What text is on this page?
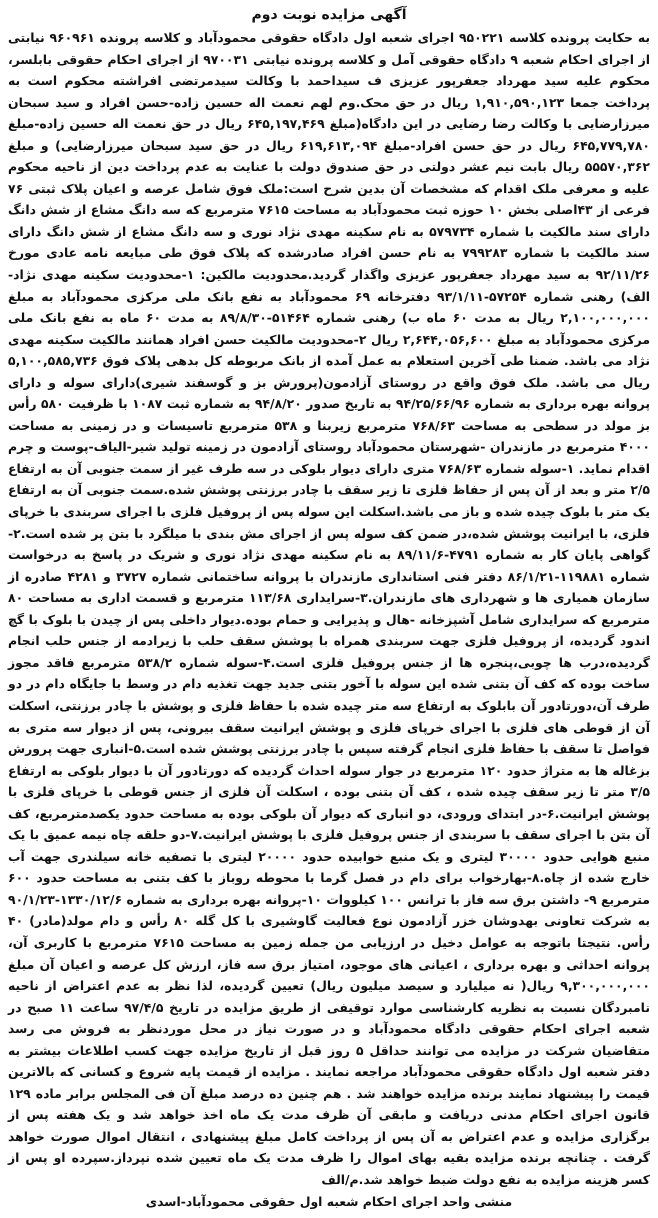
آگهی مزایده نوبت دوم

به حکایت پرونده کلاسه ۹۵۰۲۲۱ اجرای شعبه اول دادگاه حقوقی محمودآباد و کلاسه پرونده ۹۶۰۹۶۱ نیابتی از اجرای احکام شعبه ۹ دادگاه حقوقی آمل و کلاسه پرونده نیابتی ۹۷۰۰۳۱ از اجرای احکام حقوقی بابلسر، محکوم علیه سید مهرداد جعفرپور عزیزی ف سیداحمد با وکالت سیدمرتضی افراشته محکوم است به پرداخت جمعا ۱,۹۱۰,۵۹۰,۱۲۳ ریال در حق محک.وم لهم نعمت اله حسین زاده-حسن افراد و سید سبحان میرزارضایی با وکالت رضا رضایی در این دادگاه(مبلغ ۶۴۵,۱۹۷,۴۶۹ ریال در حق نعمت اله حسین زاده-مبلغ ۶۴۵,۷۷۹,۷۸۰ ریال در حق حسن افراد-مبلغ ۶۱۹,۶۱۳,۰۹۴ ریال در حق سید سبحان میرزارضایی) و مبلغ ۵۵۵۷۰,۳۶۲ ریال بابت نیم عشر دولتی در حق صندوق دولت با عنایت به عدم پرداخت دین از ناحیه محکوم علیه و معرفی ملک اقدام که مشخصات آن بدین شرح است:ملک فوق شامل عرصه و اعیان پلاک ثبتی ۷۶ فرعی از ۴۳اصلی بخش ۱۰ حوزه ثبت محمودآباد به مساحت ۷۶۱۵ مترمربع که سه دانگ مشاع از شش دانگ دارای سند مالکیت با شماره ۵۷۹۷۳۴ به نام سکینه مهدی نژاد نوری و سه دانگ مشاع از شش دانگ دارای سند مالکیت با شماره ۷۹۹۲۸۳ به نام حسن افراد صادرشده که پلاک فوق طی مبایعه نامه عادی مورخ ۹۲/۱۱/۲۶ به سید مهرداد جعفرپور عزیزی واگذار گردید.محدودیت مالکین: ۱-محدودیت سکینه مهدی نژاد- الف) رهنی شماره ۵۷۲۵۴-۹۳/۱/۱۱ دفترخانه ۶۹ محمودآباد به نفع بانک ملی مرکزی محمودآباد به مبلغ ۲,۱۰۰,۰۰۰,۰۰۰ ریال به مدت ۶۰ ماه ب) رهنی شماره ۵۱۴۶۴-۸۹/۸/۳۰ به مدت ۶۰ ماه به نفع بانک ملی مرکزی محمودآباد به مبلغ ۲,۶۴۴,۰۵۶,۶۰۰ ریال ۲-محدودیت مالکیت حسن افراد همانند مالکیت سکینه مهدی نژاد می باشد. ضمنا طی آخرین استعلام به عمل آمده از بانک مربوطه کل بدهی پلاک فوق ۵,۱۰۰,۵۸۵,۷۳۶ ریال می باشد. ملک فوق واقع در روستای آزادمون(پرورش بز و گوسفند شیری)دارای سوله و دارای پروانه بهره برداری به شماره ۹۴/۲۵/۶۶/۹۶ به تاریخ صدور ۹۴/۸/۲۰ به شماره ثبت ۱۰۸۷ با ظرفیت ۵۸۰ رأس بز مولد در سطحی به مساحت ۷۶۸/۶۳ مترمربع زیربنا و ۵۳۸ مترمربع تاسیسات و در زمینی به مساحت ۴۰۰۰ مترمربع در مازندران -شهرستان محمودآباد روستای آزادمون در زمینه تولید شیر-الیاف-پوست و چرم اقدام نماید. ۱-سوله شماره ۷۶۸/۶۳ متری دارای دیوار بلوکی در سه طرف غیر از سمت جنوبی آن به ارتفاع ۲/۵ متر و بعد از آن پس از حفاظ فلزی تا زیر سقف با چادر برزنتی پوشش شده.سمت جنوبی آن به ارتفاع یک متر با بلوک چیده شده و باز می باشد.اسکلت این سوله پس از پروفیل فلزی با اجرای سربندی با خرپای فلزی، با ایرانیت پوشش شده،در ضمن کف سوله پس از اجرای مش بندی با میلگرد با بتن پر شده است.۲-گواهی پایان کار به شماره ۴۷۹۱-۸۹/۱۱/۶ به نام سکینه مهدی نژاد نوری و شریک در پاسخ به درخواست شماره ۱۱۹۸۸۱-۸۶/۱/۲۱ دفتر فنی استانداری مازندران با پروانه ساختمانی شماره ۳۷۲۷ و ۴۲۸۱ صادره از سازمان همیاری ها و شهرداری های مازندران.۳-سرایداری ۱۱۳/۶۸ مترمربع و قسمت اداری به مساحت ۸۰ مترمربع که سرایداری شامل آشپزخانه -هال و پذیرایی و حمام بوده.دیوار داخلی پس از چیدن با بلوک با گچ اندود گردیده، از پروفیل فلزی جهت سربندی همراه با پوشش سقف حلب با زیرادمه از جنس حلب انجام گردیده،درب ها چوبی،پنجره ها از جنس پروفیل فلزی است.۴-سوله شماره ۵۳۸/۲ مترمربع فاقد مجوز ساخت بوده که کف آن بتنی شده این سوله با آخور بتنی جدید جهت تغذیه دام در وسط با جایگاه دام در دو طرف آن،دورتادور آن بابلوک به ارتفاع سه متر چیده شده با حفاظ فلزی و پوشش با چادر برزنتی، اسکلت آن از قوطی های فلزی با اجرای خرپای فلزی و پوشش ایرانیت سقف بیرونی، پس از دیوار سه متری به فواصل تا سقف با حفاظ فلزی انجام گرفته سپس با چادر برزنتی پوشش شده است.۵-انباری جهت پرورش بزغاله ها به متراژ حدود ۱۲۰ مترمربع در جوار سوله احداث گردیده که دورتادور آن با دیوار بلوکی به ارتفاع ۳/۵ متر تا زیر سقف چیده شده ، کف آن بتنی بوده ، اسکلت آن فلزی از جنس قوطی با خرپای فلزی با پوشش ایرانیت.۶-در ابتدای ورودی، دو انباری که دیوار آن بلوکی بوده به مساحت حدود یکصدمترمربع، کف آن بتن با اجرای سقف با سربندی از جنس پروفیل فلزی با پوشش ایرانیت.۷-دو حلقه چاه نیمه عمیق با یک منبع هوایی حدود ۳۰۰۰۰ لیتری و یک منبع خوابیده حدود ۲۰۰۰۰ لیتری با تصفیه خانه سیلندری جهت آب خارج شده از چاه.۸-بهارخواب برای دام در فصل گرما با محوطه روباز با کف بتنی به مساحت حدود ۶۰۰ مترمربع ۹- داشتن برق سه فاز با ترانس ۱۰۰ کیلووات ۱۰-پروانه بهره برداری به شماره ۱۳۳۰/۱۲/۶-۹۰/۱/۲۳ به شرکت تعاونی بهدوشان خزر آزادمون نوع فعالیت گاوشیری با کل گله ۸۰ رأس و دام مولد(مادر) ۴۰ رأس. نتیجتا باتوجه به عوامل دخیل در ارزیابی من جمله زمین به مساحت ۷۶۱۵ مترمربع با کاربری آن، پروانه احداثی و بهره برداری ، اعیانی های موجود، امتیاز برق سه فاز، ارزش کل عرصه و اعیان آن مبلغ ۹,۳۰۰,۰۰۰,۰۰۰ ریال( نه میلیارد و سیصد میلیون ریال) تعیین گردیده، لذا نظر به عدم اعتراض از ناحیه نامبردگان نسبت به نظریه کارشناسی موارد توقیفی از طریق مزایده در تاریخ ۹۷/۴/۵ ساعت ۱۱ صبح در شعبه اجرای احکام حقوقی دادگاه محمودآباد و در صورت نیاز در محل موردنظر به فروش می رسد متقاضیان شرکت در مزایده می توانند حداقل ۵ روز قبل از تاریخ مزایده جهت کسب اطلاعات بیشتر به دفتر شعبه اول دادگاه حقوقی محمودآباد مراجعه نمایند . مزایده از قیمت پایه شروع و کسانی که بالاترین قیمت را پیشنهاد نمایند برنده مزایده خواهند شد . هم چنین ده درصد مبلغ آن فی المجلس برابر ماده ۱۲۹ قانون اجرای احکام مدنی دریافت و مابقی آن ظرف مدت یک ماه اخذ خواهد شد و یک هفته پس از برگزاری مزایده و عدم اعتراض به آن پس از پرداخت کامل مبلغ پیشنهادی ، انتقال اموال صورت خواهد گرفت . چنانچه برنده مزایده بقیه بهای اموال را ظرف مدت یک ماه تعیین شده نپرداز.سپرده او پس از کسر هزینه مزایده به نفع دولت ضبط خواهد شد.م/الف

منشی واحد اجرای احکام شعبه اول حقوقی محمودآباد-اسدی
